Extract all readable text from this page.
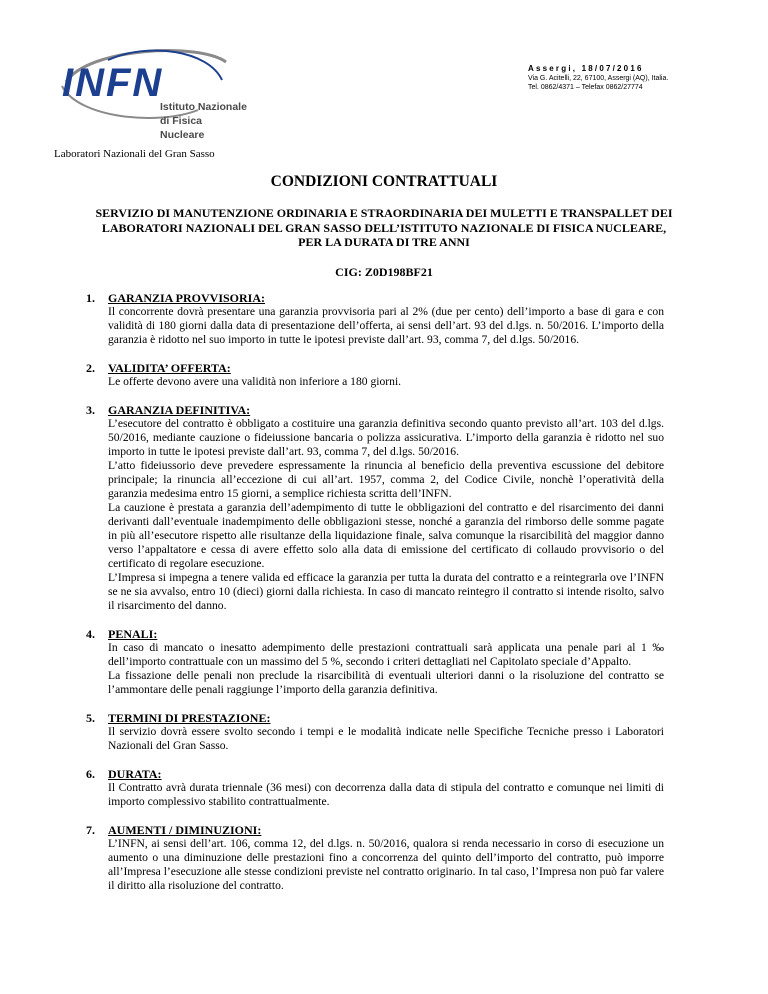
INFN
Istituto Nazionale
di Fisica Nucleare
Laboratori Nazionali del Gran Sasso
Assergi, 18/07/2016
Via G. Acitelli, 22, 67100, Assergi (AQ), Italia.
Tel. 0862/4371 – Telefax 0862/27774
CONDIZIONI CONTRATTUALI
SERVIZIO DI MANUTENZIONE ORDINARIA E STRAORDINARIA DEI MULETTI E TRANSPALLET DEI LABORATORI NAZIONALI DEL GRAN SASSO DELL’ISTITUTO NAZIONALE DI FISICA NUCLEARE, PER LA DURATA DI TRE ANNI
CIG: Z0D198BF21
1. GARANZIA PROVVISORIA:

Il concorrente dovrà presentare una garanzia provvisoria pari al 2% (due per cento) dell’importo a base di gara e con validità di 180 giorni dalla data di presentazione dell’offerta, ai sensi dell’art. 93 del d.lgs. n. 50/2016. L’importo della garanzia è ridotto nel suo importo in tutte le ipotesi previste dall’art. 93, comma 7, del d.lgs. 50/2016.

2. VALIDITA’ OFFERTA:

Le offerte devono avere una validità non inferiore a 180 giorni.

3. GARANZIA DEFINITIVA:

L’esecutore del contratto è obbligato a costituire una garanzia definitiva secondo quanto previsto all’art. 103 del d.lgs. 50/2016, mediante cauzione o fideiussione bancaria o polizza assicurativa. L’importo della garanzia è ridotto nel suo importo in tutte le ipotesi previste dall’art. 93, comma 7, del d.lgs. 50/2016.

L’atto fideiussorio deve prevedere espressamente la rinuncia al beneficio della preventiva escussione del debitore principale; la rinuncia all’eccezione di cui all’art. 1957, comma 2, del Codice Civile, nonchè l’operatività della garanzia medesima entro 15 giorni, a semplice richiesta scritta dell’INFN.

La cauzione è prestata a garanzia dell’adempimento di tutte le obbligazioni del contratto e del risarcimento dei danni derivanti dall’eventuale inadempimento delle obbligazioni stesse, nonché a garanzia del rimborso delle somme pagate in più all’esecutore rispetto alle risultanze della liquidazione finale, salva comunque la risarcibilità del maggior danno verso l’appaltatore e cessa di avere effetto solo alla data di emissione del certificato di collaudo provvisorio o del certificato di regolare esecuzione.

L’Impresa si impegna a tenere valida ed efficace la garanzia per tutta la durata del contratto e a reintegrarla ove l’INFN se ne sia avvalso, entro 10 (dieci) giorni dalla richiesta. In caso di mancato reintegro il contratto si intende risolto, salvo il risarcimento del danno.

4. PENALI:

In caso di mancato o inesatto adempimento delle prestazioni contrattuali sarà applicata una penale pari al 1 ‰ dell’importo contrattuale con un massimo del 5 %, secondo i criteri dettagliati nel Capitolato speciale d’Appalto.

La fissazione delle penali non preclude la risarcibilità di eventuali ulteriori danni o la risoluzione del contratto se l’ammontare delle penali raggiunge l’importo della garanzia definitiva.

5. TERMINI DI PRESTAZIONE:

Il servizio dovrà essere svolto secondo i tempi e le modalità indicate nelle Specifiche Tecniche presso i Laboratori Nazionali del Gran Sasso.

6. DURATA:

Il Contratto avrà durata triennale (36 mesi) con decorrenza dalla data di stipula del contratto e comunque nei limiti di importo complessivo stabilito contrattualmente.

7. AUMENTI / DIMINUZIONI:

L’INFN, ai sensi dell’art. 106, comma 12, del d.lgs. n. 50/2016, qualora si renda necessario in corso di esecuzione un aumento o una diminuzione delle prestazioni fino a concorrenza del quinto dell’importo del contratto, può imporre all’Impresa l’esecuzione alle stesse condizioni previste nel contratto originario. In tal caso, l’Impresa non può far valere il diritto alla risoluzione del contratto.
